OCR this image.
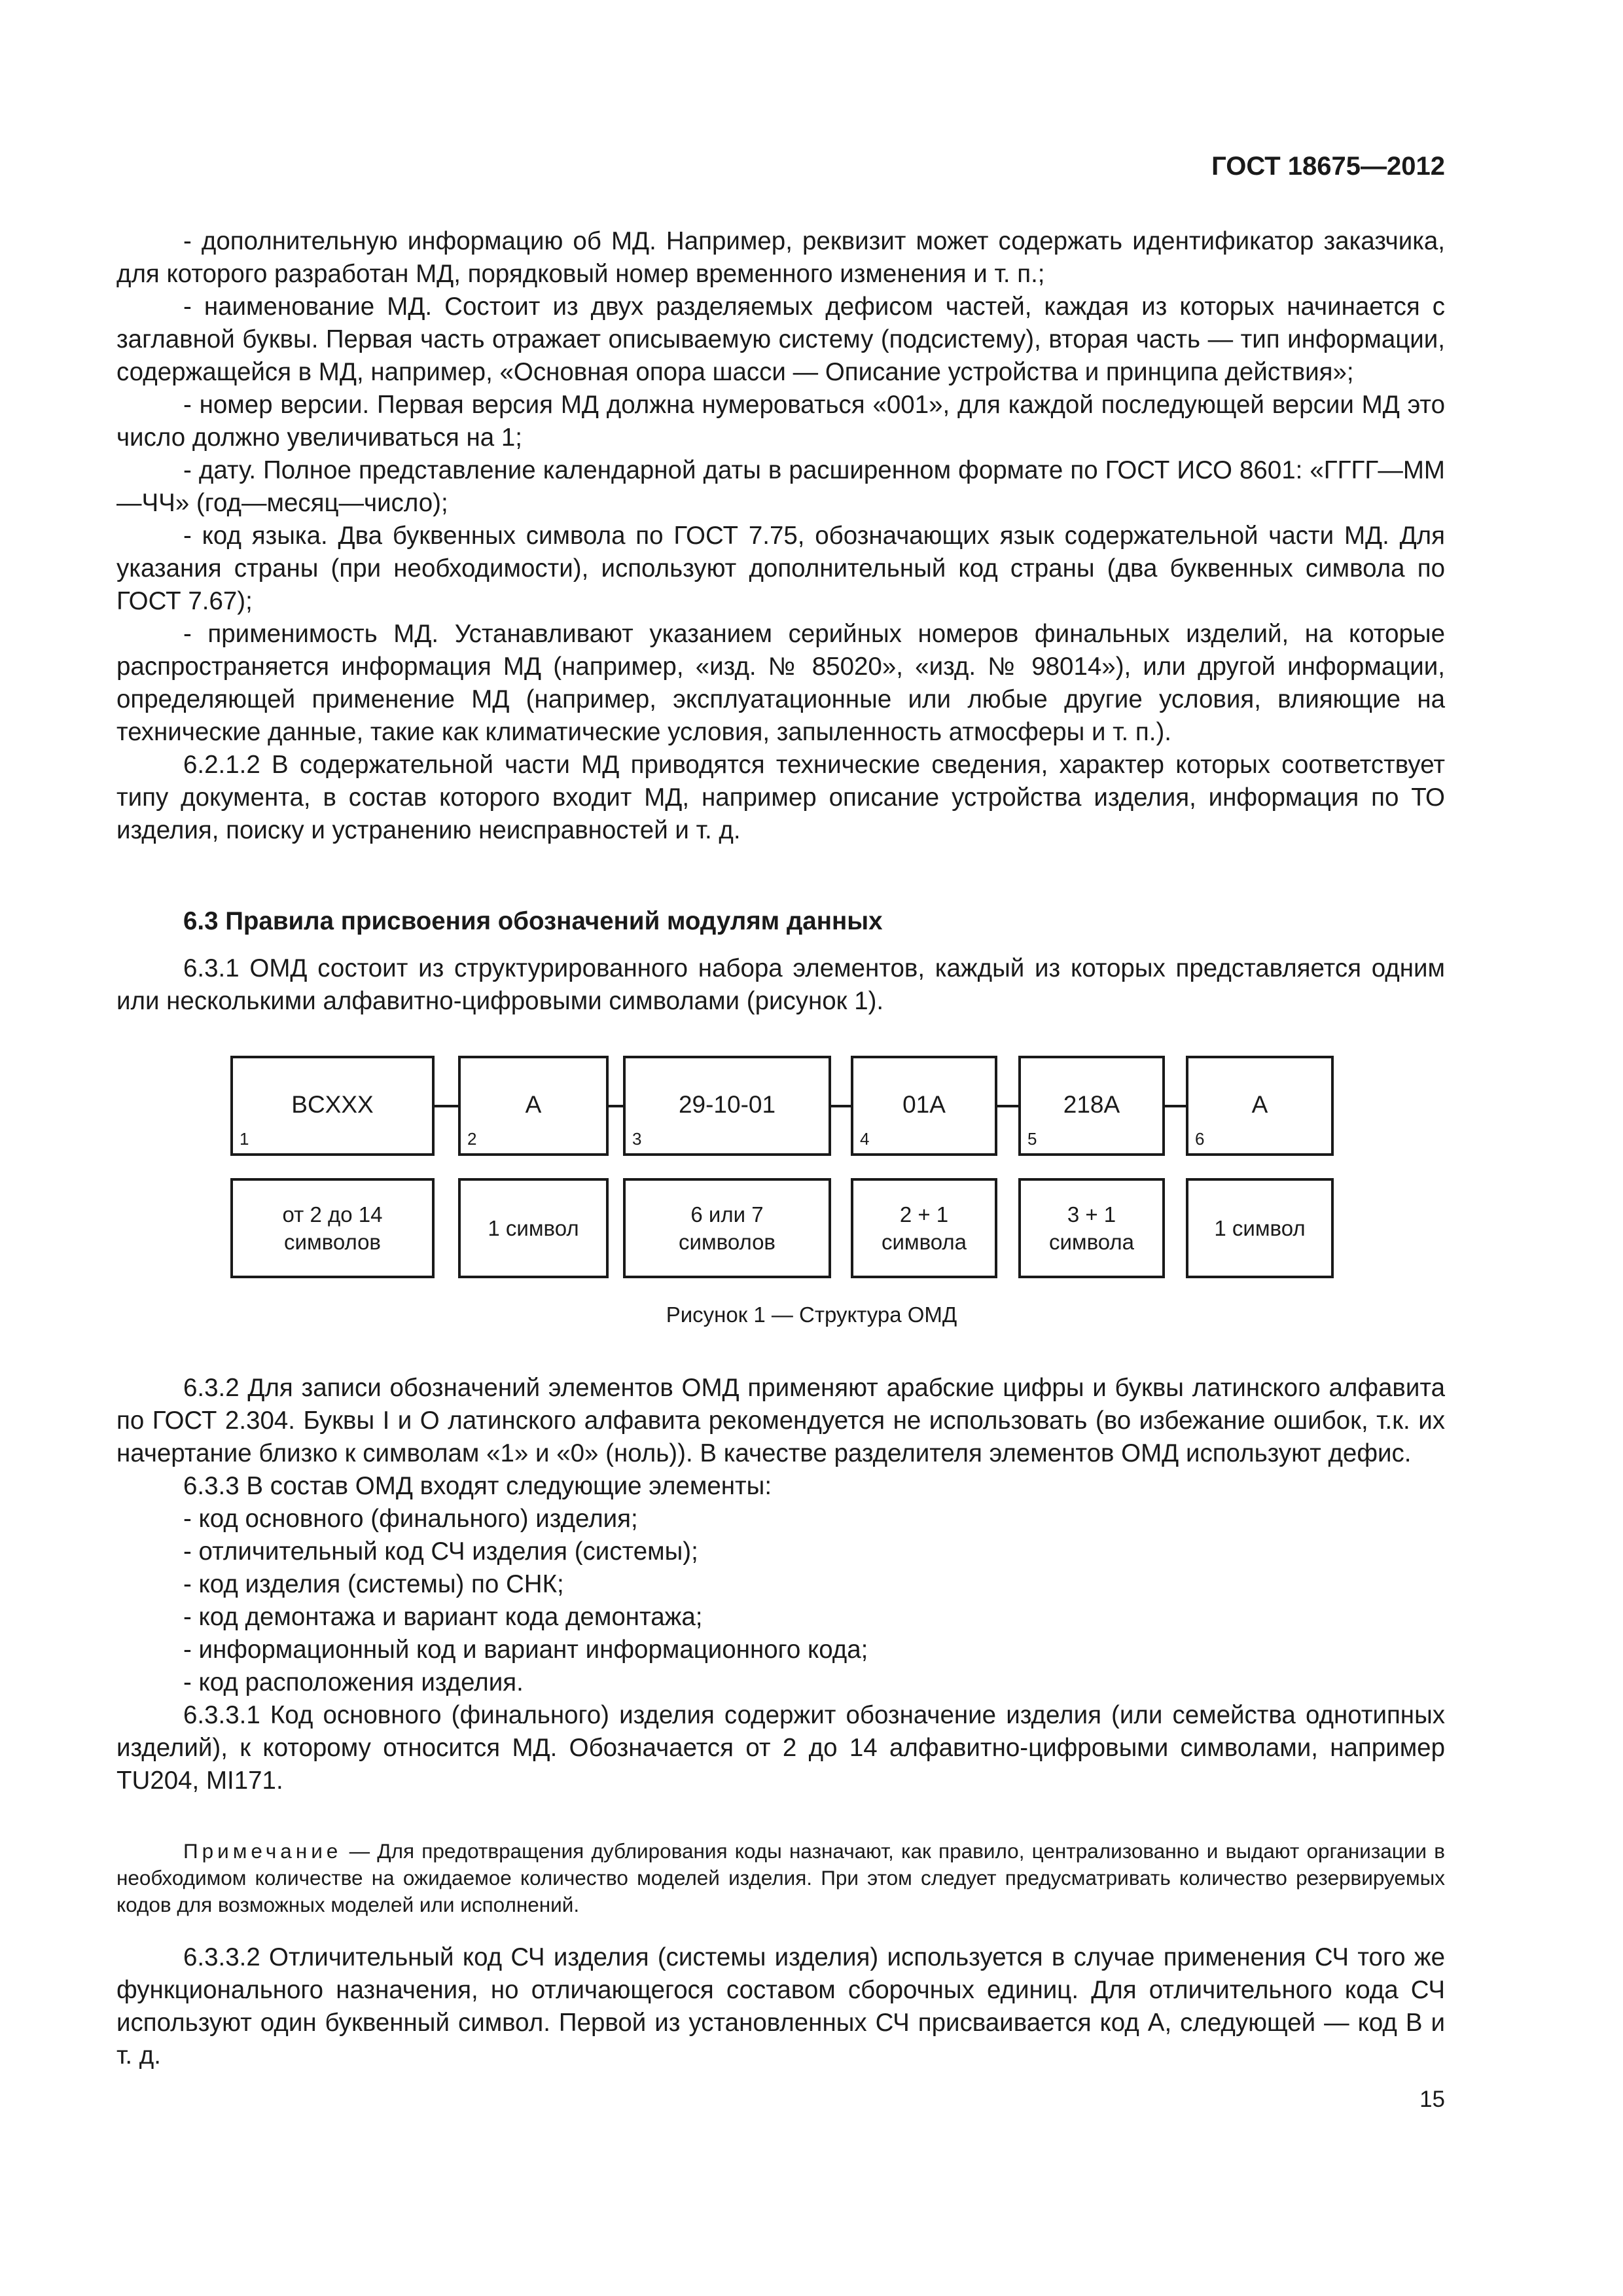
ГОСТ 18675—2012

- дополнительную информацию об МД. Например, реквизит может содержать идентификатор заказчика, для которого разработан МД, порядковый номер временного изменения и т. п.;

- наименование МД. Состоит из двух разделяемых дефисом частей, каждая из которых начинается с заглавной буквы. Первая часть отражает описываемую систему (подсистему), вторая часть — тип информации, содержащейся в МД, например, «Основная опора шасси — Описание устройства и принципа действия»;

- номер версии. Первая версия МД должна нумероваться «001», для каждой последующей версии МД это число должно увеличиваться на 1;

- дату. Полное представление календарной даты в расширенном формате по ГОСТ ИСО 8601: «ГГГГ—ММ—ЧЧ» (год—месяц—число);

- код языка. Два буквенных символа по ГОСТ 7.75, обозначающих язык содержательной части МД. Для указания страны (при необходимости), используют дополнительный код страны (два буквенных символа по ГОСТ 7.67);

- применимость МД. Устанавливают указанием серийных номеров финальных изделий, на которые распространяется информация МД (например, «изд. № 85020», «изд. № 98014»), или другой информации, определяющей применение МД (например, эксплуатационные или любые другие условия, влияющие на технические данные, такие как климатические условия, запыленность атмосферы и т. п.).

6.2.1.2 В содержательной части МД приводятся технические сведения, характер которых соответствует типу документа, в состав которого входит МД, например описание устройства изделия, информация по ТО изделия, поиску и устранению неисправностей и т. д.

6.3 Правила присвоения обозначений модулям данных

6.3.1 ОМД состоит из структурированного набора элементов, каждый из которых представляется одним или несколькими алфавитно-цифровыми символами (рисунок 1).

BCXXX
1
A
2
29-10-01
3
01A
4
218A
5
A
6
от 2 до 14
символов
1 символ
6 или 7
символов
2 + 1
символа
3 + 1
символа
1 символ
Рисунок 1 — Структура ОМД

6.3.2 Для записи обозначений элементов ОМД применяют арабские цифры и буквы латинского алфавита по ГОСТ 2.304. Буквы I и O латинского алфавита рекомендуется не использовать (во избежание ошибок, т.к. их начертание близко к символам «1» и «0» (ноль)). В качестве разделителя элементов ОМД используют дефис.

6.3.3 В состав ОМД входят следующие элементы:

- код основного (финального) изделия;

- отличительный код СЧ изделия (системы);

- код изделия (системы) по СНК;

- код демонтажа и вариант кода демонтажа;

- информационный код и вариант информационного кода;

- код расположения изделия.

6.3.3.1 Код основного (финального) изделия содержит обозначение изделия (или семейства однотипных изделий), к которому относится МД. Обозначается от 2 до 14 алфавитно-цифровыми символами, например TU204, MI171.

Примечание — Для предотвращения дублирования коды назначают, как правило, централизованно и выдают организации в необходимом количестве на ожидаемое количество моделей изделия. При этом следует предусматривать количество резервируемых кодов для возможных моделей или исполнений.

6.3.3.2 Отличительный код СЧ изделия (системы изделия) используется в случае применения СЧ того же функционального назначения, но отличающегося составом сборочных единиц. Для отличительного кода СЧ используют один буквенный символ. Первой из установленных СЧ присваивается код A, следующей — код B и т. д.

15
